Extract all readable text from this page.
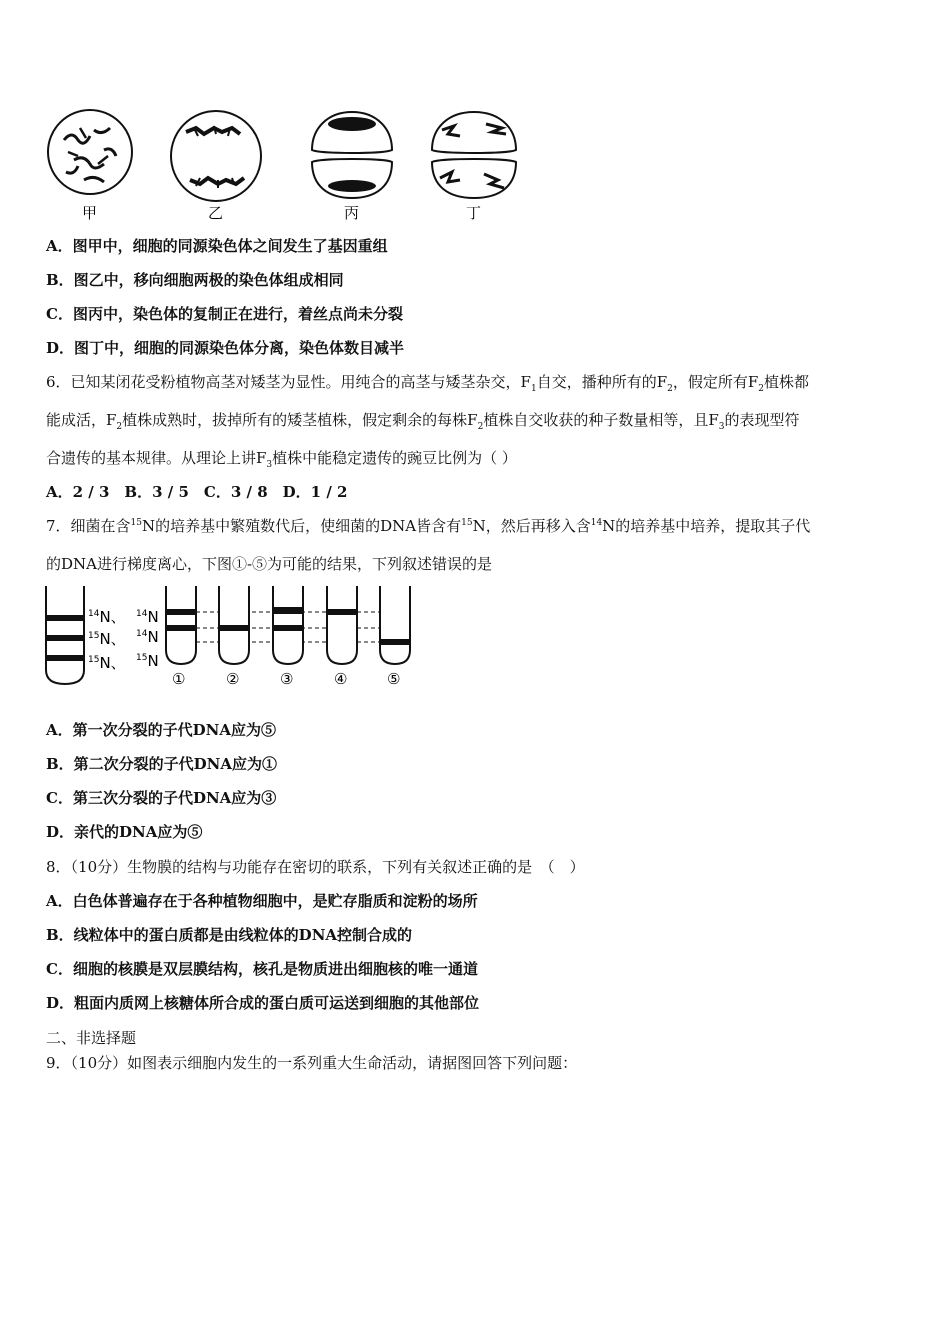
甲	乙	丙	丁
A．图甲中，细胞的同源染色体之间发生了基因重组
B．图乙中，移向细胞两极的染色体组成相同
C．图丙中，染色体的复制正在进行，着丝点尚未分裂
D．图丁中，细胞的同源染色体分离，染色体数目减半
6．已知某闭花受粉植物高茎对矮茎为显性。用纯合的高茎与矮茎杂交，$F_1$自交，播种所有的$F_2$，假定所有$F_2$植株都
能成活，$F_2$植株成熟时，拔掉所有的矮茎植株，假定剩余的每株$F_2$植株自交收获的种子数量相等，且$F_3$的表现型符
合遗传的基本规律。从理论上讲$F_3$植株中能稳定遗传的豌豆比例为（ ）
A．2 / 3　B．3 / 5　C．3 / 8　D．1 / 2
7．细菌在含$^{15}$N的培养基中繁殖数代后，使细菌的DNA皆含有$^{15}$N，然后再移入含$^{14}$N的培养基中培养，提取其子代
的DNA进行梯度离心，下图①-⑤为可能的结果，下列叙述错误的是
$^{14}$N、
$^{15}$N、
$^{15}$N、
$^{14}$N
$^{14}$N
$^{15}$N
①	②	③	④	⑤
A．第一次分裂的子代DNA应为⑤
B．第二次分裂的子代DNA应为①
C．第三次分裂的子代DNA应为③
D．亲代的DNA应为⑤
8．（10分）生物膜的结构与功能存在密切的联系，下列有关叙述正确的是　（　）
A．白色体普遍存在于各种植物细胞中，是贮存脂质和淀粉的场所
B．线粒体中的蛋白质都是由线粒体的DNA控制合成的
C．细胞的核膜是双层膜结构，核孔是物质进出细胞核的唯一通道
D．粗面内质网上核糖体所合成的蛋白质可运送到细胞的其他部位
二、非选择题
9．（10分）如图表示细胞内发生的一系列重大生命活动，请据图回答下列问题：
